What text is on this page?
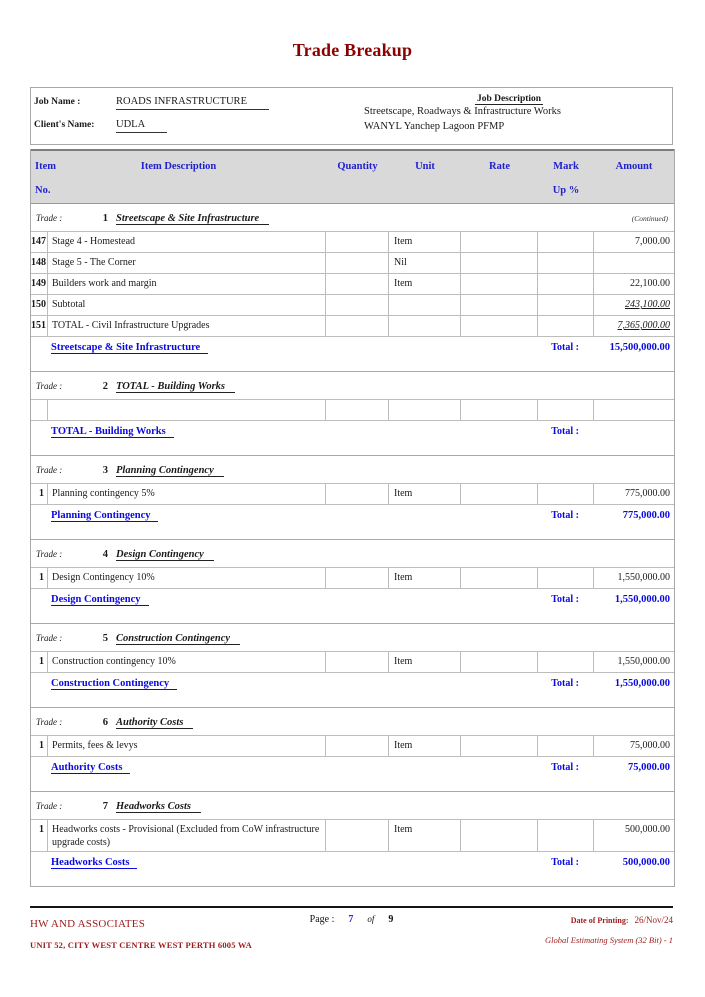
Trade Breakup
Job Name :	ROADS INFRASTRUCTURE
Client's Name:	UDLA
Job Description
Streetscape, Roadways & Infrastructure Works
WANYL Yanchep Lagoon PFMP
Item	Item Description	Quantity	Unit	Rate	Mark	Amount
No.	Up %
Trade :	1 Streetscape & Site Infrastructure	(Continued)
147 Stage 4 - Homestead	Item	7,000.00
148 Stage 5 - The Corner	Nil
149 Builders work and margin	Item	22,100.00
150 Subtotal	243,100.00
151 TOTAL - Civil Infrastructure Upgrades	7,365,000.00
Streetscape & Site Infrastructure	Total :	15,500,000.00
Trade :	2 TOTAL - Building Works
TOTAL - Building Works	Total :
Trade :	3 Planning Contingency
1 Planning contingency 5%	Item	775,000.00
Planning Contingency	Total :	775,000.00
Trade :	4 Design Contingency
1 Design Contingency 10%	Item	1,550,000.00
Design Contingency	Total :	1,550,000.00
Trade :	5 Construction Contingency
1 Construction contingency 10%	Item	1,550,000.00
Construction Contingency	Total :	1,550,000.00
Trade :	6 Authority Costs
1 Permits, fees & levys	Item	75,000.00
Authority Costs	Total :	75,000.00
Trade :	7 Headworks Costs
1 Headworks costs - Provisional (Excluded from CoW infrastructure upgrade costs)
Item	500,000.00
Headworks Costs	Total :	500,000.00
HW AND ASSOCIATES	Page : 7 of 9	Date of Printing: 26/Nov/24
UNIT 52, CITY WEST CENTRE WEST PERTH 6005 WA	Global Estimating System (32 Bit) - 1
